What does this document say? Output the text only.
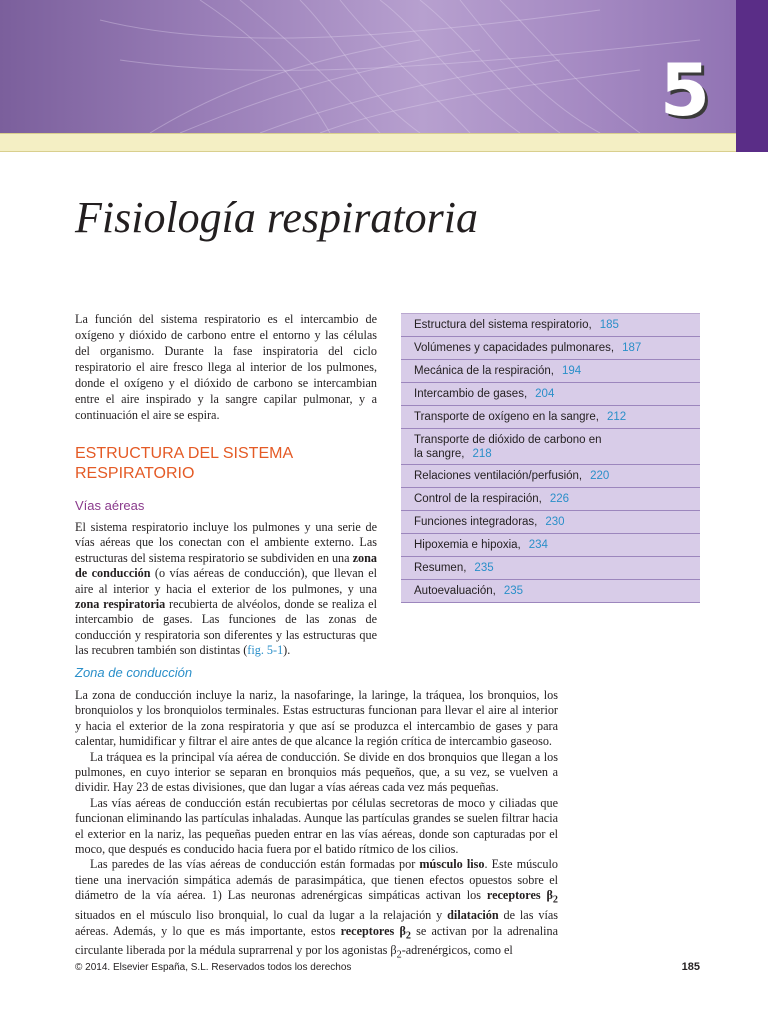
5
Fisiología respiratoria
La función del sistema respiratorio es el intercambio de oxígeno y dióxido de carbono entre el entorno y las células del organismo. Durante la fase inspiratoria del ciclo respiratorio el aire fresco llega al interior de los pulmones, donde el oxígeno y el dióxido de carbono se intercambian entre el aire inspirado y la sangre capilar pulmonar, y a continuación el aire se espira.
Estructura del sistema respiratorio, 185
Volúmenes y capacidades pulmonares, 187
Mecánica de la respiración, 194
Intercambio de gases, 204
Transporte de oxígeno en la sangre, 212
Transporte de dióxido de carbono en la sangre, 218
Relaciones ventilación/perfusión, 220
Control de la respiración, 226
Funciones integradoras, 230
Hipoxemia e hipoxia, 234
Resumen, 235
Autoevaluación, 235
ESTRUCTURA DEL SISTEMA RESPIRATORIO
Vías aéreas
El sistema respiratorio incluye los pulmones y una serie de vías aéreas que los conectan con el ambiente externo. Las estructuras del sistema respiratorio se subdividen en una zona de conducción (o vías aéreas de conducción), que llevan el aire al interior y hacia el exterior de los pulmones, y una zona respiratoria recubierta de alvéolos, donde se realiza el intercambio de gases. Las funciones de las zonas de conducción y respiratoria son diferentes y las estructuras que las recubren también son distintas (fig. 5-1).
Zona de conducción

La zona de conducción incluye la nariz, la nasofaringe, la laringe, la tráquea, los bronquios, los bronquiolos y los bronquiolos terminales. Estas estructuras funcionan para llevar el aire al interior y hacia el exterior de la zona respiratoria y que así se produzca el intercambio de gases y para calentar, humidificar y filtrar el aire antes de que alcance la región crítica de intercambio gaseoso.

La tráquea es la principal vía aérea de conducción. Se divide en dos bronquios que llegan a los pulmones, en cuyo interior se separan en bronquios más pequeños, que, a su vez, se vuelven a dividir. Hay 23 de estas divisiones, que dan lugar a vías aéreas cada vez más pequeñas.

Las vías aéreas de conducción están recubiertas por células secretoras de moco y ciliadas que funcionan eliminando las partículas inhaladas. Aunque las partículas grandes se suelen filtrar hacia el exterior en la nariz, las pequeñas pueden entrar en las vías aéreas, donde son capturadas por el moco, que después es conducido hacia fuera por el batido rítmico de los cilios.

Las paredes de las vías aéreas de conducción están formadas por músculo liso. Este músculo tiene una inervación simpática además de parasimpática, que tienen efectos opuestos sobre el diámetro de la vía aérea. 1) Las neuronas adrenérgicas simpáticas activan los receptores $\beta_2$ situados en el músculo liso bronquial, lo cual da lugar a la relajación y dilatación de las vías aéreas. Además, y lo que es más importante, estos receptores $\beta_2$ se activan por la adrenalina circulante liberada por la médula suprarrenal y por los agonistas $\beta_2$-adrenérgicos, como el

© 2014. Elsevier España, S.L. Reservados todos los derechos	185
